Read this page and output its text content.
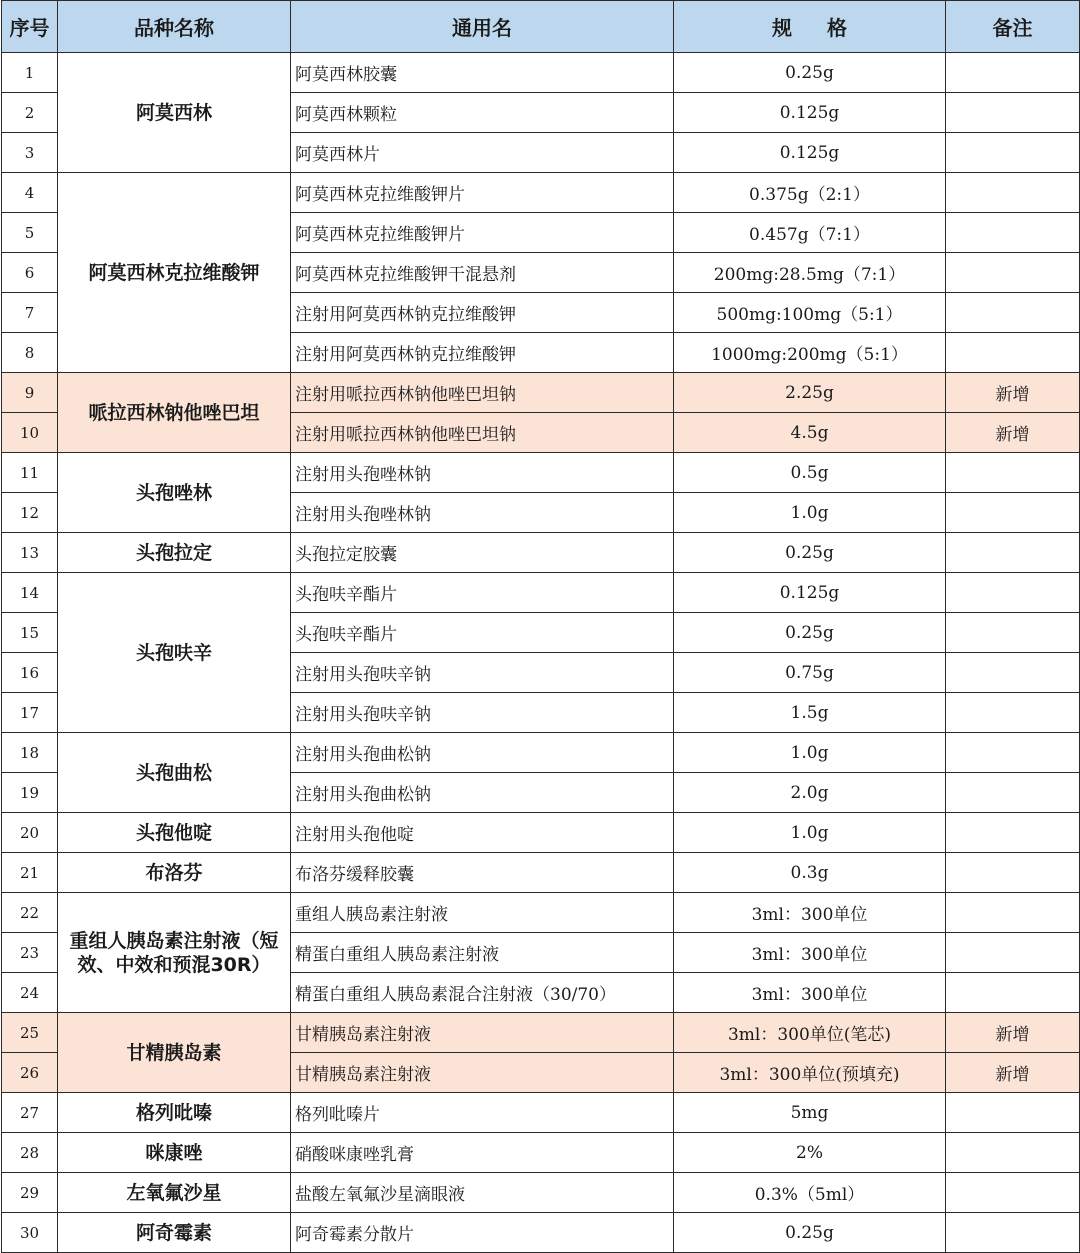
序号	品种名称	通用名	规 格	备注
1	阿莫西林	阿莫西林胶囊	0.25g	
2		阿莫西林颗粒	0.125g	
3		阿莫西林片	0.125g	
4	阿莫西林克拉维酸钾	阿莫西林克拉维酸钾片	0.375g（2:1）	
5		阿莫西林克拉维酸钾片	0.457g（7:1）	
6		阿莫西林克拉维酸钾干混悬剂	200mg:28.5mg（7:1）	
7		注射用阿莫西林钠克拉维酸钾	500mg:100mg（5:1）	
8		注射用阿莫西林钠克拉维酸钾	1000mg:200mg（5:1）	
9	哌拉西林钠他唑巴坦	注射用哌拉西林钠他唑巴坦钠	2.25g	新增
10		注射用哌拉西林钠他唑巴坦钠	4.5g	新增
11	头孢唑林	注射用头孢唑林钠	0.5g	
12		注射用头孢唑林钠	1.0g	
13	头孢拉定	头孢拉定胶囊	0.25g	
14	头孢呋辛	头孢呋辛酯片	0.125g	
15		头孢呋辛酯片	0.25g	
16		注射用头孢呋辛钠	0.75g	
17		注射用头孢呋辛钠	1.5g	
18	头孢曲松	注射用头孢曲松钠	1.0g	
19		注射用头孢曲松钠	2.0g	
20	头孢他啶	注射用头孢他啶	1.0g	
21	布洛芬	布洛芬缓释胶囊	0.3g	
22	重组人胰岛素注射液（短效、中效和预混30R）	重组人胰岛素注射液	3ml：300单位	
23		精蛋白重组人胰岛素注射液	3ml：300单位	
24		精蛋白重组人胰岛素混合注射液（30/70）	3ml：300单位	
25	甘精胰岛素	甘精胰岛素注射液	3ml：300单位(笔芯)	新增
26		甘精胰岛素注射液	3ml：300单位(预填充)	新增
27	格列吡嗪	格列吡嗪片	5mg	
28	咪康唑	硝酸咪康唑乳膏	2%	
29	左氧氟沙星	盐酸左氧氟沙星滴眼液	0.3%（5ml）	
30	阿奇霉素	阿奇霉素分散片	0.25g	
